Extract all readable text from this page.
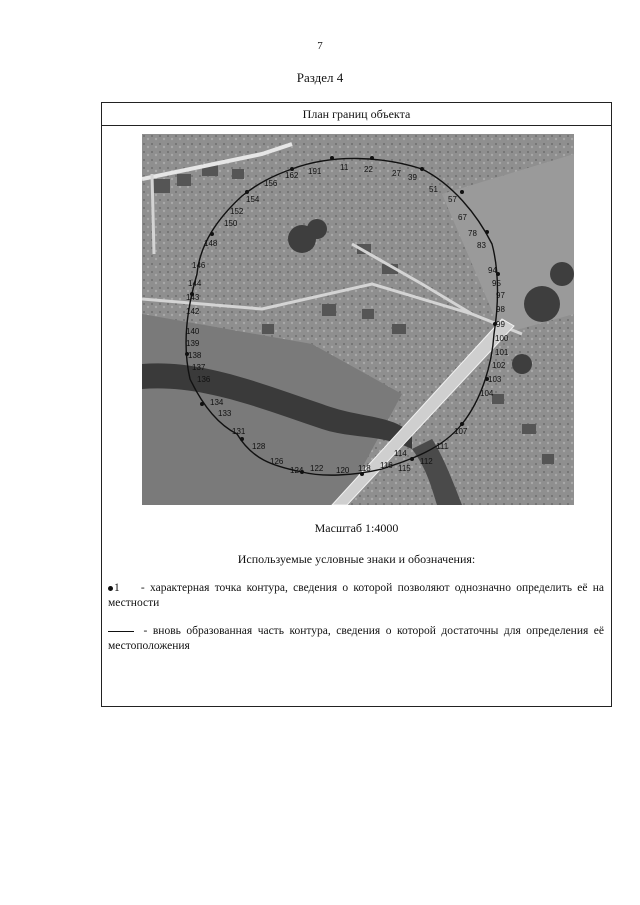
7
Раздел 4
План границ объекта
162 191 11 22 27 39
51
57
67
78
83
94
95
97
98
99
100
101
102
103
104
107
111
112
114
115
116
118
120
122
124
126
128
131
133
134
136
137
138
139
140
142
143
144
146
148
150
152
154
156
Масштаб 1:4000
Используемые условные знаки и обозначения:
1 - характерная точка контура, сведения о которой позволяют однозначно определить её на местности
- вновь образованная часть контура, сведения о которой достаточны для определения её местоположения
